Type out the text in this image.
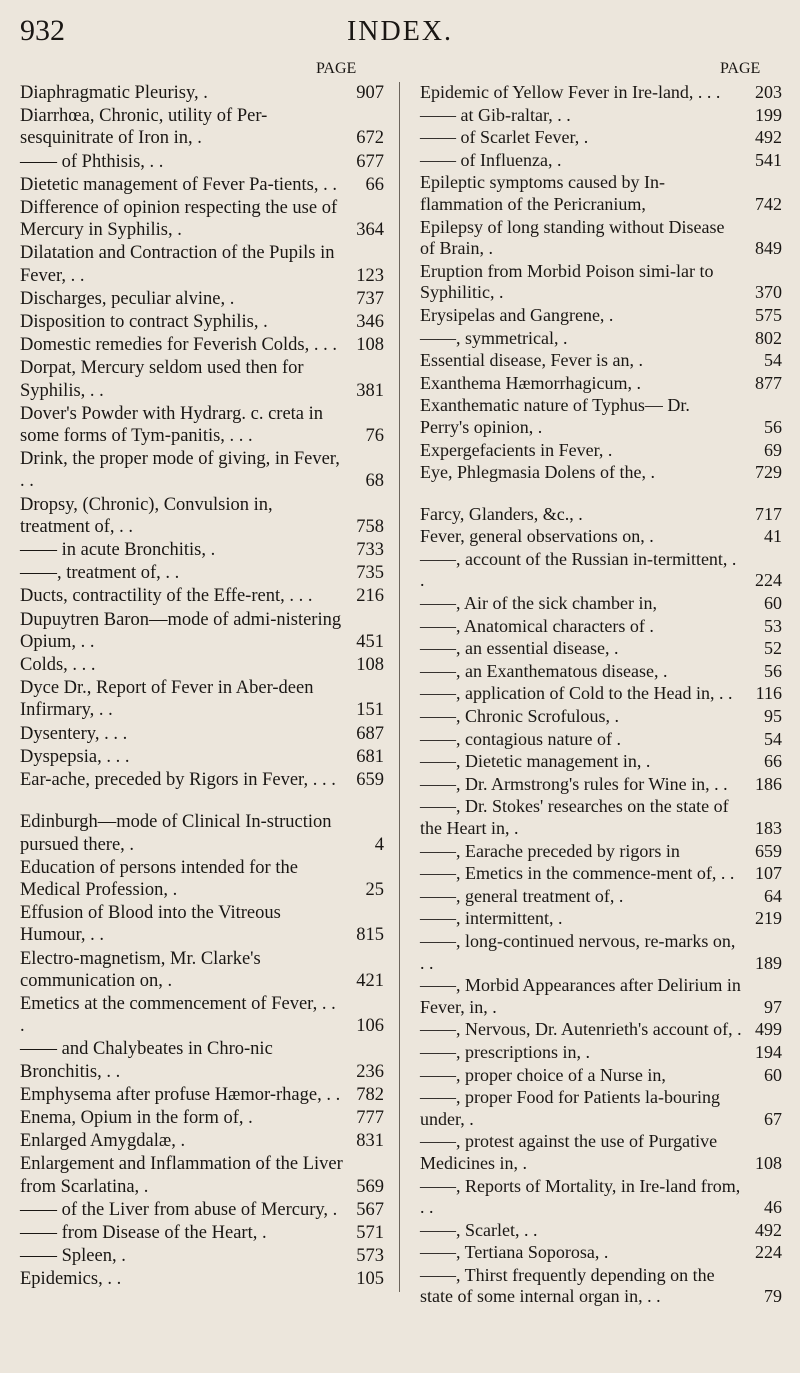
932	INDEX.
PAGE	PAGE
Diaphragmatic Pleurisy, .	907
Diarrhœa, Chronic, utility of Per-sesquinitrate of Iron in, .	672
—— of Phthisis, . .	677
Dietetic management of Fever Pa-tients, . .	66
Difference of opinion respecting the use of Mercury in Syphilis, .	364
Dilatation and Contraction of the Pupils in Fever, . .	123
Discharges, peculiar alvine, .	737
Disposition to contract Syphilis, .	346
Domestic remedies for Feverish Colds, . . .	108
Dorpat, Mercury seldom used then for Syphilis, . .	381
Dover's Powder with Hydrarg. c. creta in some forms of Tym-panitis, . . .	76
Drink, the proper mode of giving, in Fever, . .	68
Dropsy, (Chronic), Convulsion in, treatment of, . .	758
—— in acute Bronchitis, .	733
——, treatment of, . .	735
Ducts, contractility of the Effe-rent, . . .	216
Dupuytren Baron—mode of admi-nistering Opium, . .	451
Colds, . . .	108
Dyce Dr., Report of Fever in Aber-deen Infirmary, . .	151
Dysentery, . . .	687
Dyspepsia, . . .	681
Ear-ache, preceded by Rigors in Fever, . . .	659
Edinburgh—mode of Clinical In-struction pursued there, .	4
Education of persons intended for the Medical Profession, .	25
Effusion of Blood into the Vitreous Humour, . .	815
Electro-magnetism, Mr. Clarke's communication on, .	421
Emetics at the commencement of Fever, . . .	106
—— and Chalybeates in Chro-nic Bronchitis, . .	236
Emphysema after profuse Hæmor-rhage, . . 782
Enema, Opium in the form of, .	777
Enlarged Amygdalæ, .	831
Enlargement and Inflammation of the Liver from Scarlatina, .	569
—— of the Liver from abuse of Mercury, .	567
—— from Disease of the Heart, .	571
—— Spleen, .	573
Epidemics, . .	105
Epidemic of Yellow Fever in Ire-land, . . .	203
—— at Gib-raltar, . .	199
—— of Scarlet Fever, .	492
—— of Influenza, .	541
Epileptic symptoms caused by In-flammation of the Pericranium,	742
Epilepsy of long standing without Disease of Brain, .	849
Eruption from Morbid Poison simi-lar to Syphilitic, .	370
Erysipelas and Gangrene, .	575
——, symmetrical, .	802
Essential disease, Fever is an, .	54
Exanthema Hæmorrhagicum, .	877
Exanthematic nature of Typhus— Dr. Perry's opinion, .	56
Expergefacients in Fever, .	69
Eye, Phlegmasia Dolens of the, .	729
Farcy, Glanders, &c., .	717
Fever, general observations on, .	41
——, account of the Russian in-termittent, . .	224
——, Air of the sick chamber in,	60
——, Anatomical characters of .	53
——, an essential disease, .	52
——, an Exanthematous disease, .	56
——, application of Cold to the Head in, . .	116
——, Chronic Scrofulous, .	95
——, contagious nature of .	54
——, Dietetic management in, .	66
——, Dr. Armstrong's rules for Wine in, . .	186
——, Dr. Stokes' researches on the state of the Heart in, .	183
——, Earache preceded by rigors in	659
——, Emetics in the commence-ment of, . .	107
——, general treatment of, .	64
——, intermittent, .	219
——, long-continued nervous, re-marks on, . .	189
——, Morbid Appearances after Delirium in Fever, in, .	97
——, Nervous, Dr. Autenrieth's account of, . 499
——, prescriptions in, .	194
——, proper choice of a Nurse in,	60
——, proper Food for Patients la-bouring under, .	67
——, protest against the use of Purgative Medicines in, .	108
——, Reports of Mortality, in Ire-land from, . .	46
——, Scarlet, . .	492
——, Tertiana Soporosa, .	224
——, Thirst frequently depending on the state of some internal organ in, . .	79
